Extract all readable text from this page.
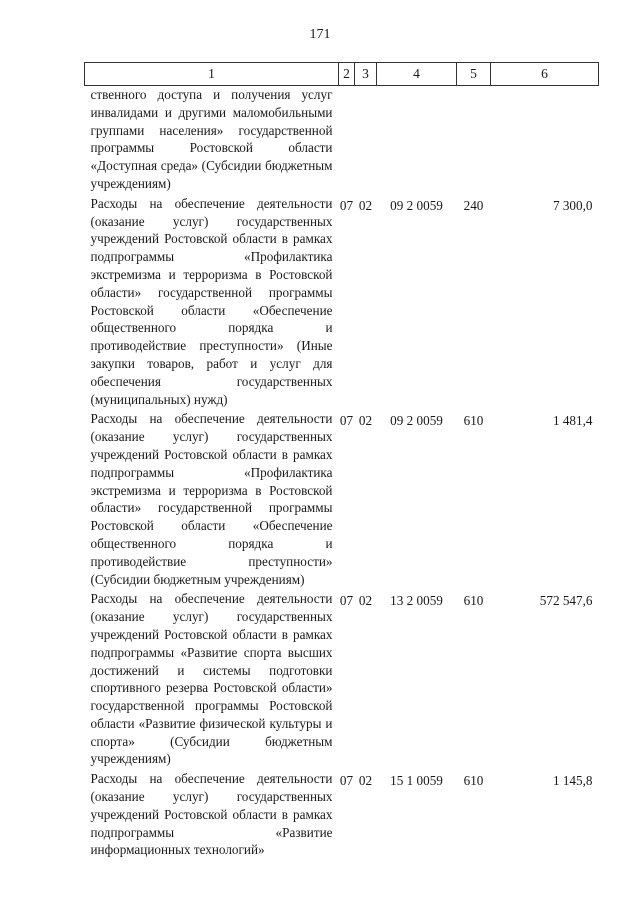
171
1	2	3	4	5	6
ственного доступа и получения услуг инвалидами и другими маломобильными группами населения» государственной программы Ростовской области «Доступная среда» (Субсидии бюджетным учреждениям)					
Расходы на обеспечение деятельности (оказание услуг) государственных учреждений Ростовской области в рамках подпрограммы «Профилактика экстремизма и терроризма в Ростовской области» государственной программы Ростовской области «Обеспечение общественного порядка и противодействие преступности» (Иные закупки товаров, работ и услуг для обеспечения государственных (муниципальных) нужд)	07	02	09 2 0059	240	7 300,0
Расходы на обеспечение деятельности (оказание услуг) государственных учреждений Ростовской области в рамках подпрограммы «Профилактика экстремизма и терроризма в Ростовской области» государственной программы Ростовской области «Обеспечение общественного порядка и противодействие преступности» (Субсидии бюджетным учреждениям)	07	02	09 2 0059	610	1 481,4
Расходы на обеспечение деятельности (оказание услуг) государственных учреждений Ростовской области в рамках подпрограммы «Развитие спорта высших достижений и системы подготовки спортивного резерва Ростовской области» государственной программы Ростовской области «Развитие физической культуры и спорта» (Субсидии бюджетным учреждениям)	07	02	13 2 0059	610	572 547,6
Расходы на обеспечение деятельности (оказание услуг) государственных учреждений Ростовской области в рамках подпрограммы «Развитие информационных технологий»	07	02	15 1 0059	610	1 145,8
